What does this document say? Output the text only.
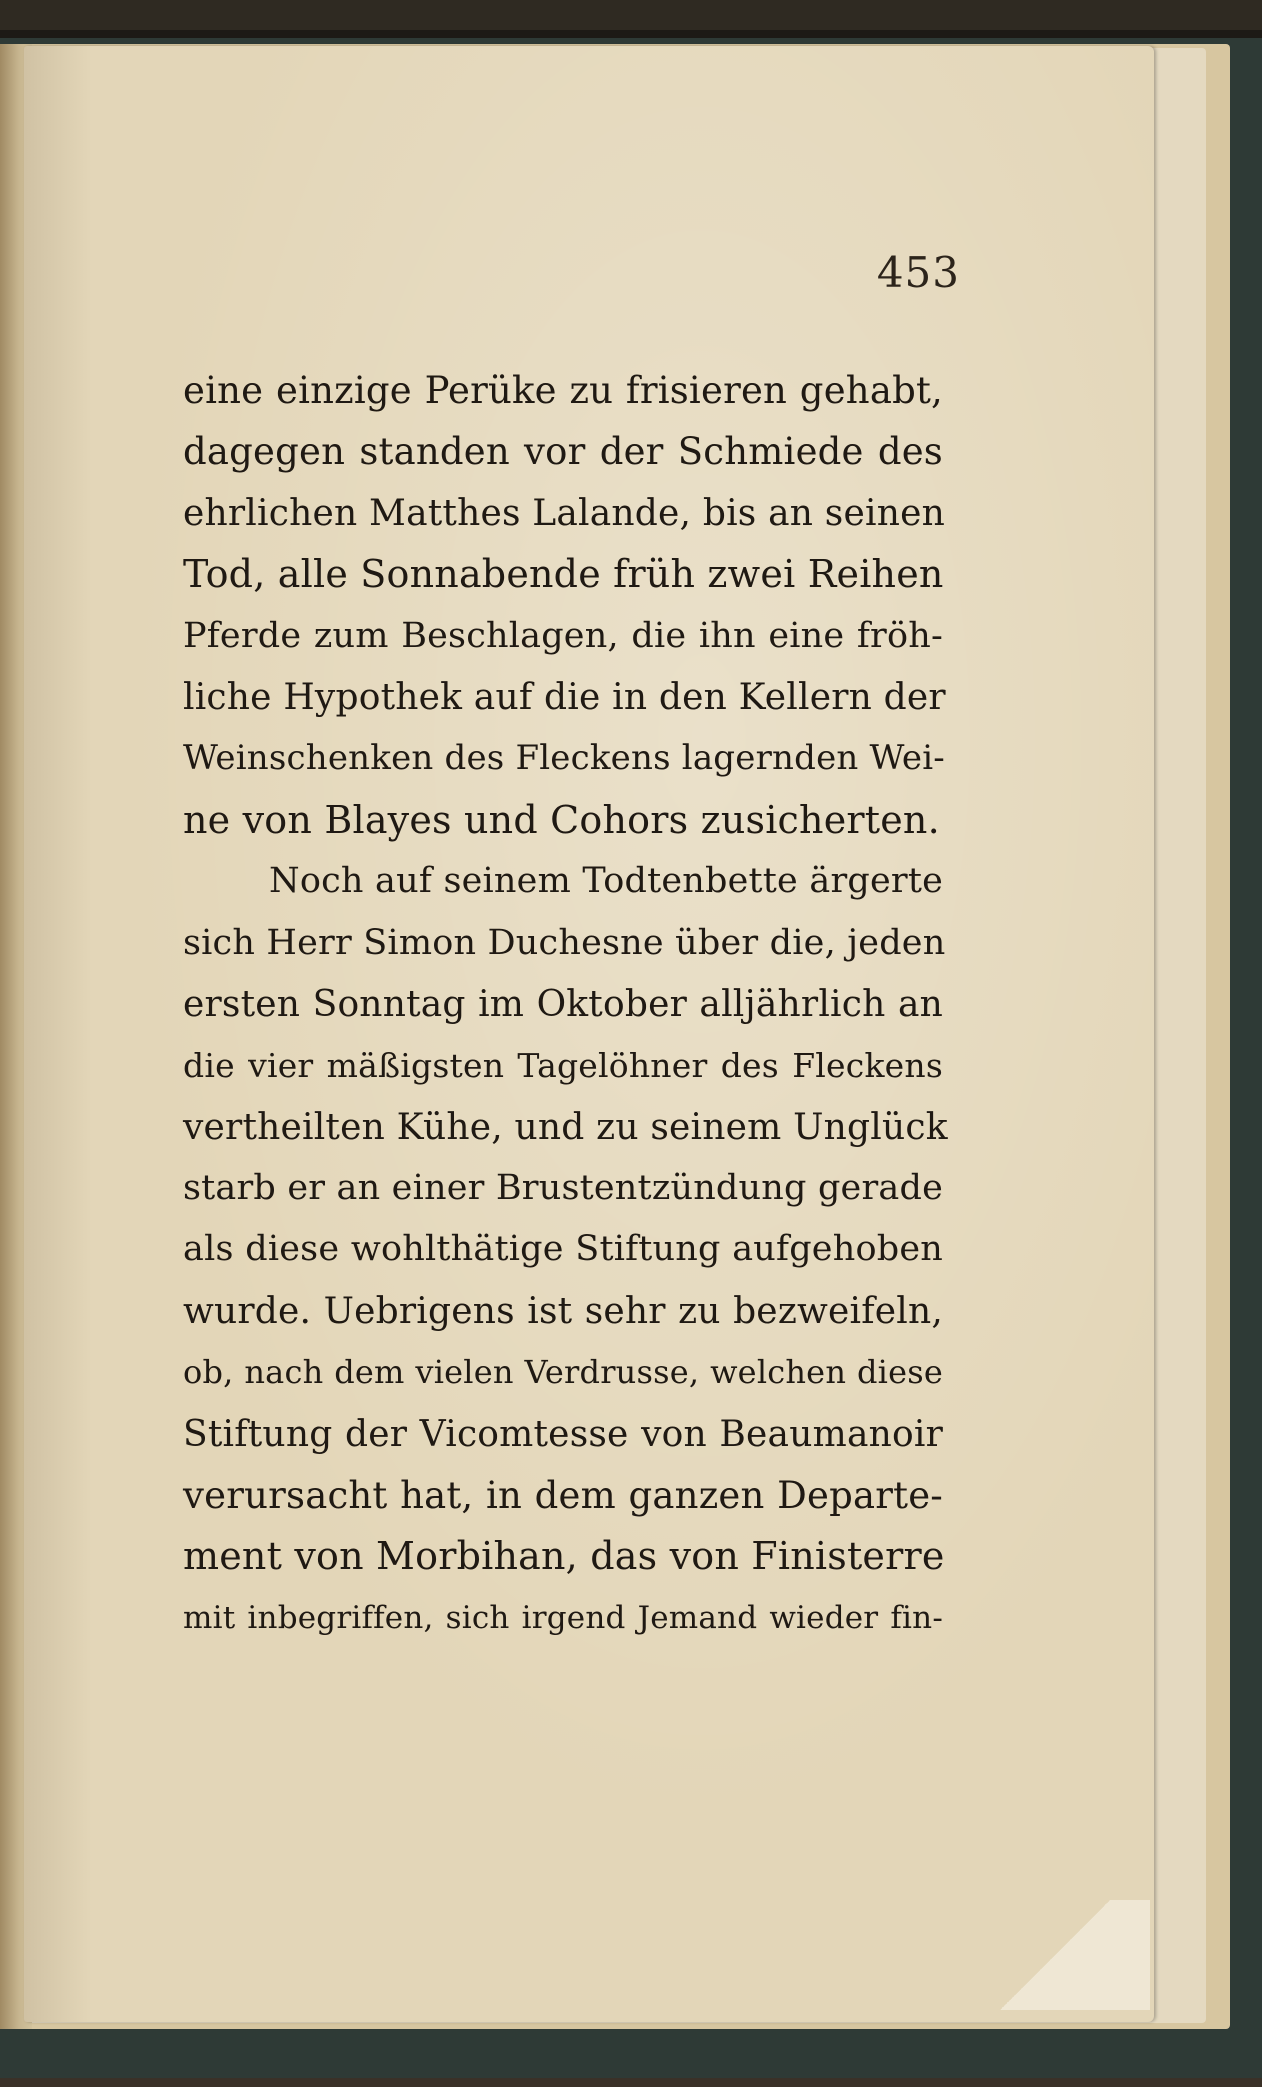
453
eine einzige Perüke zu frisieren gehabt,
dagegen standen vor der Schmiede des
ehrlichen Matthes Lalande, bis an seinen
Tod, alle Sonnabende früh zwei Reihen
Pferde zum Beschlagen, die ihn eine fröh-
liche Hypothek auf die in den Kellern der
Weinschenken des Fleckens lagernden Wei-
ne von Blayes und Cohors zusicherten.
Noch auf seinem Todtenbette ärgerte
sich Herr Simon Duchesne über die, jeden
ersten Sonntag im Oktober alljährlich an
die vier mäßigsten Tagelöhner des Fleckens
vertheilten Kühe, und zu seinem Unglück
starb er an einer Brustentzündung gerade
als diese wohlthätige Stiftung aufgehoben
wurde. Uebrigens ist sehr zu bezweifeln,
ob, nach dem vielen Verdrusse, welchen diese
Stiftung der Vicomtesse von Beaumanoir
verursacht hat, in dem ganzen Departe-
ment von Morbihan, das von Finisterre
mit inbegriffen, sich irgend Jemand wieder fin-
